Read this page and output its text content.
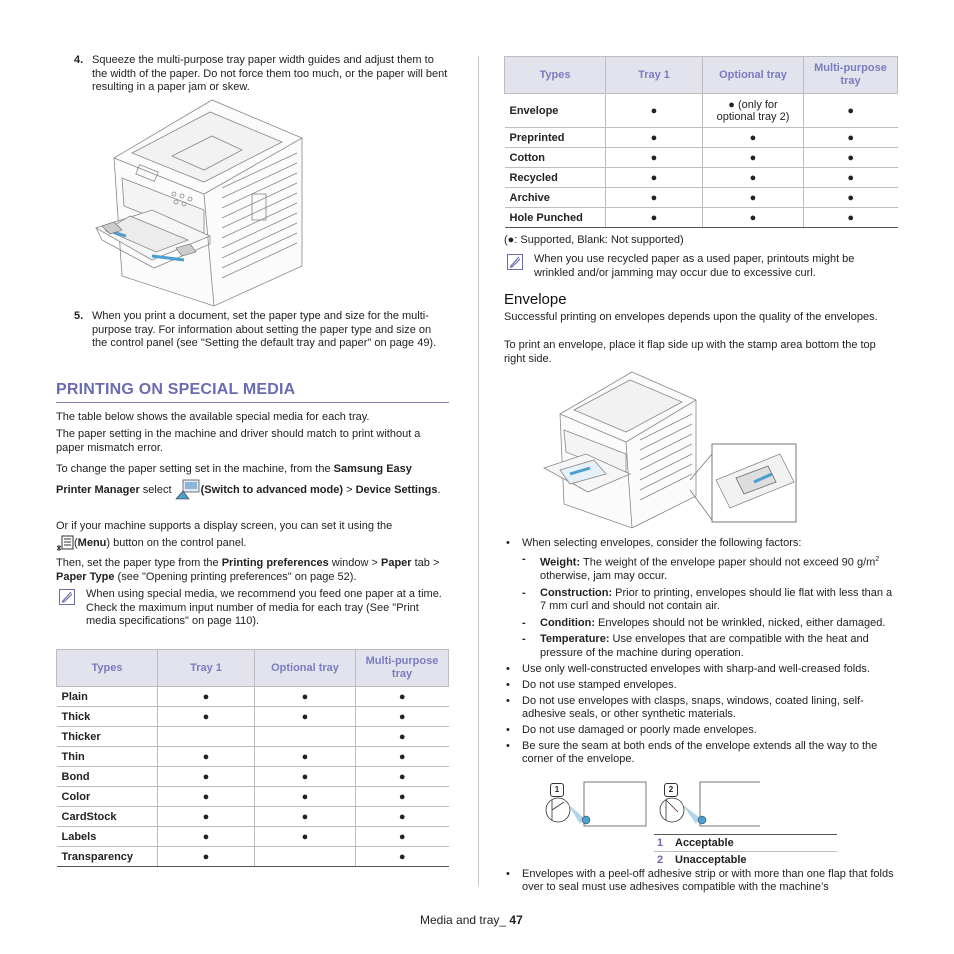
4. Squeeze the multi-purpose tray paper width guides and adjust them to the width of the paper. Do not force them too much, or the paper will bent resulting in a paper jam or skew.
5. When you print a document, set the paper type and size for the multi-purpose tray. For information about setting the paper type and size on the control panel (see "Setting the default tray and paper" on page 49).
PRINTING ON SPECIAL MEDIA
The table below shows the available special media for each tray.
The paper setting in the machine and driver should match to print without a paper mismatch error.
To change the paper setting set in the machine, from the Samsung Easy Printer Manager select (Switch to advanced mode) > Device Settings.
Or if your machine supports a display screen, you can set it using the
(Menu) button on the control panel.
Then, set the paper type from the Printing preferences window > Paper tab > Paper Type (see "Opening printing preferences" on page 52).
When using special media, we recommend you feed one paper at a time. Check the maximum input number of media for each tray (See "Print media specifications" on page 110).
Types	Tray 1	Optional tray	Multi-purpose tray
Plain	●	●	●
Thick	●	●	●
Thicker			●
Thin	●	●	●
Bond	●	●	●
Color	●	●	●
CardStock	●	●	●
Labels	●	●	●
Transparency	●		●
Types	Tray 1	Optional tray	Multi-purpose tray
Envelope	●	● (only for optional tray 2)	●
Preprinted	●	●	●
Cotton	●	●	●
Recycled	●	●	●
Archive	●	●	●
Hole Punched	●	●	●
(●: Supported, Blank: Not supported)
When you use recycled paper as a used paper, printouts might be wrinkled and/or jamming may occur due to excessive curl.
Envelope
Successful printing on envelopes depends upon the quality of the envelopes.
To print an envelope, place it flap side up with the stamp area bottom the top right side.
• When selecting envelopes, consider the following factors:
- Weight: The weight of the envelope paper should not exceed 90 $g/m^2$ otherwise, jam may occur.
- Construction: Prior to printing, envelopes should lie flat with less than a 7 mm curl and should not contain air.
- Condition: Envelopes should not be wrinkled, nicked, either damaged.
- Temperature: Use envelopes that are compatible with the heat and pressure of the machine during operation.
• Use only well-constructed envelopes with sharp-and well-creased folds.
• Do not use stamped envelopes.
• Do not use envelopes with clasps, snaps, windows, coated lining, self-adhesive seals, or other synthetic materials.
• Do not use damaged or poorly made envelopes.
• Be sure the seam at both ends of the envelope extends all the way to the corner of the envelope.
1	2
1 Acceptable
2 Unacceptable
• Envelopes with a peel-off adhesive strip or with more than one flap that folds over to seal must use adhesives compatible with the machine’s
Media and tray_ 47
